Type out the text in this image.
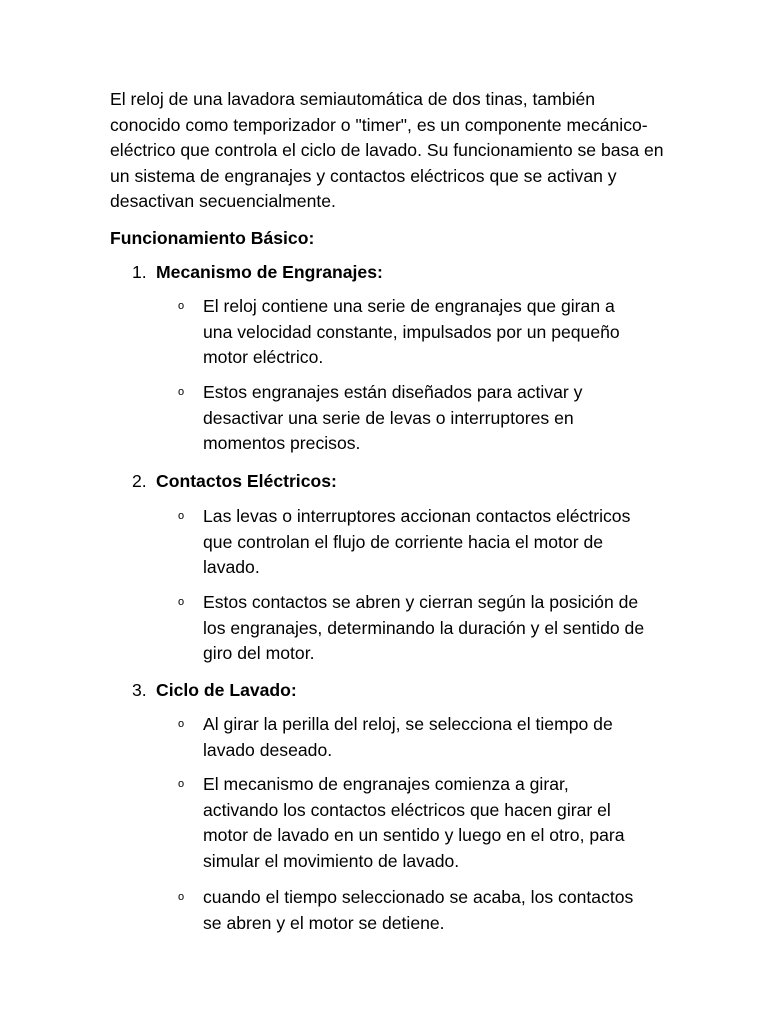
El reloj de una lavadora semiautomática de dos tinas, también conocido como temporizador o "timer", es un componente mecánico-eléctrico que controla el ciclo de lavado. Su funcionamiento se basa en un sistema de engranajes y contactos eléctricos que se activan y desactivan secuencialmente.

Funcionamiento Básico:

1. Mecanismo de Engranajes:
o El reloj contiene una serie de engranajes que giran a una velocidad constante, impulsados por un pequeño motor eléctrico.
o Estos engranajes están diseñados para activar y desactivar una serie de levas o interruptores en momentos precisos.
2. Contactos Eléctricos:
o Las levas o interruptores accionan contactos eléctricos que controlan el flujo de corriente hacia el motor de lavado.
o Estos contactos se abren y cierran según la posición de los engranajes, determinando la duración y el sentido de giro del motor.
3. Ciclo de Lavado:
o Al girar la perilla del reloj, se selecciona el tiempo de lavado deseado.
o El mecanismo de engranajes comienza a girar, activando los contactos eléctricos que hacen girar el motor de lavado en un sentido y luego en el otro, para simular el movimiento de lavado.
o cuando el tiempo seleccionado se acaba, los contactos se abren y el motor se detiene.
